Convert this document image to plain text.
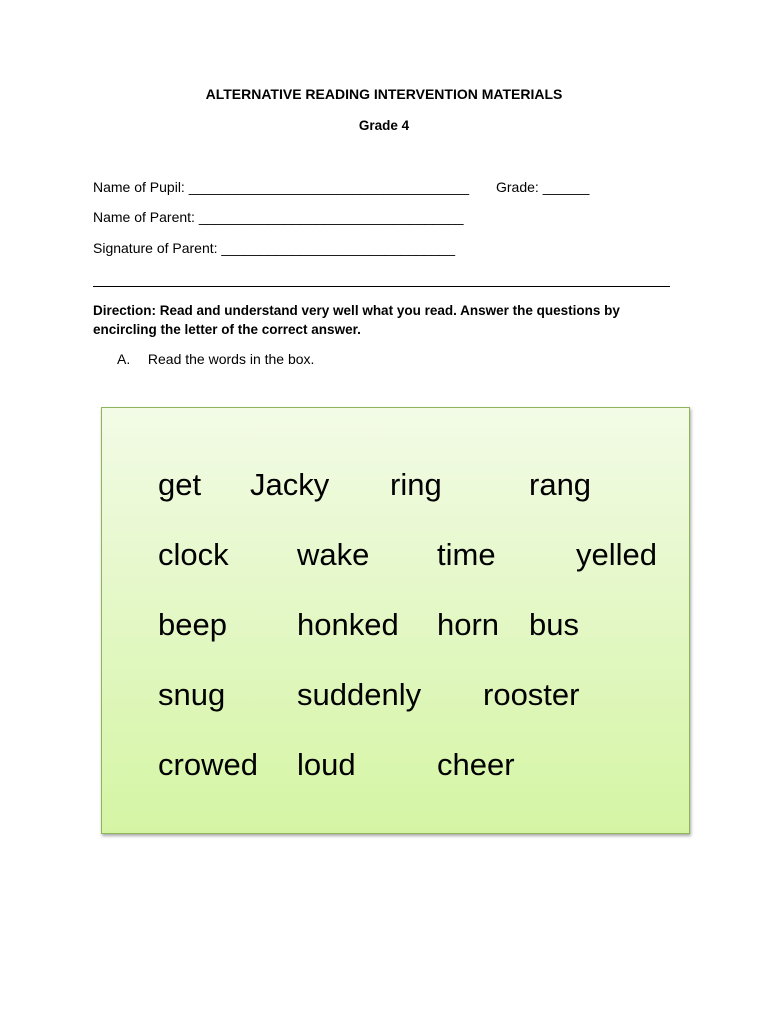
ALTERNATIVE READING INTERVENTION MATERIALS
Grade 4
Name of Pupil: ____________________________________ Grade: ______
Name of Parent: __________________________________
Signature of Parent: ______________________________
Direction: Read and understand very well what you read. Answer the questions by encircling the letter of the correct answer.
A. Read the words in the box.
get Jacky ring	rang
clock wake time	yelled
beep honked horn bus
snug suddenly rooster
crowed loud	cheer
